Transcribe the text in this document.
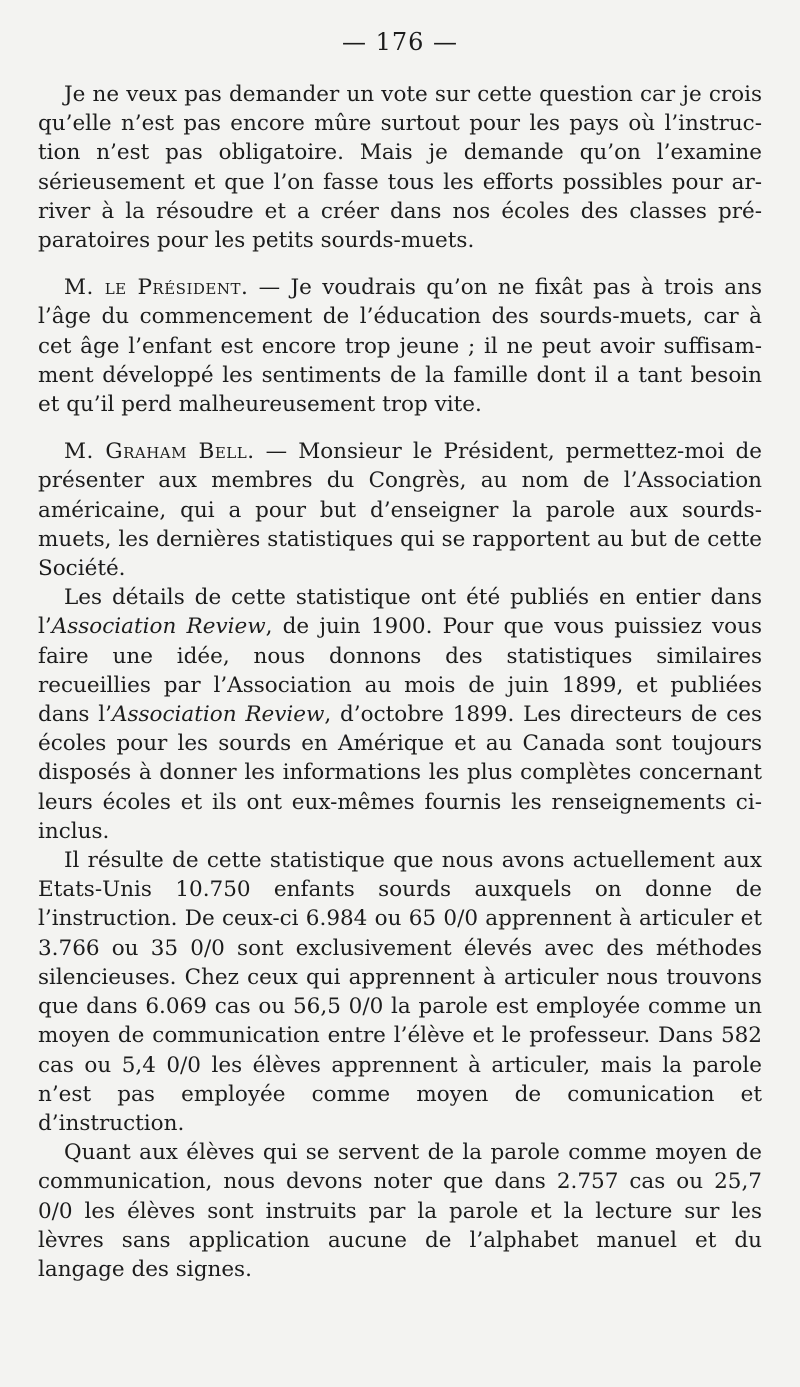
— 176 —

Je ne veux pas demander un vote sur cette question car je crois qu’elle n’est pas encore mûre surtout pour les pays où l’instruction n’est pas obligatoire. Mais je demande qu’on l’examine sérieusement et que l’on fasse tous les efforts possibles pour arriver à la résoudre et a créer dans nos écoles des classes préparatoires pour les petits sourds-muets.

M. le Président. — Je voudrais qu’on ne fixât pas à trois ans l’âge du commencement de l’éducation des sourds-muets, car à cet âge l’enfant est encore trop jeune ; il ne peut avoir suffisamment développé les sentiments de la famille dont il a tant besoin et qu’il perd malheureusement trop vite.

M. Graham Bell. — Monsieur le Président, permettez-moi de présenter aux membres du Congrès, au nom de l’Association américaine, qui a pour but d’enseigner la parole aux sourds-muets, les dernières statistiques qui se rapportent au but de cette Société.

Les détails de cette statistique ont été publiés en entier dans l’Association Review, de juin 1900. Pour que vous puissiez vous faire une idée, nous donnons des statistiques similaires recueillies par l’Association au mois de juin 1899, et publiées dans l’Association Review, d’octobre 1899. Les directeurs de ces écoles pour les sourds en Amérique et au Canada sont toujours disposés à donner les informations les plus complètes concernant leurs écoles et ils ont eux-mêmes fournis les renseignements ci-inclus.

Il résulte de cette statistique que nous avons actuellement aux Etats-Unis 10.750 enfants sourds auxquels on donne de l’instruction. De ceux-ci 6.984 ou 65 0/0 apprennent à articuler et 3.766 ou 35 0/0 sont exclusivement élevés avec des méthodes silencieuses. Chez ceux qui apprennent à articuler nous trouvons que dans 6.069 cas ou 56,5 0/0 la parole est employée comme un moyen de communication entre l’élève et le professeur. Dans 582 cas ou 5,4 0/0 les élèves apprennent à articuler, mais la parole n’est pas employée comme moyen de comunication et d’instruction.

Quant aux élèves qui se servent de la parole comme moyen de communication, nous devons noter que dans 2.757 cas ou 25,7 0/0 les élèves sont instruits par la parole et la lecture sur les lèvres sans application aucune de l’alphabet manuel et du langage des signes.
